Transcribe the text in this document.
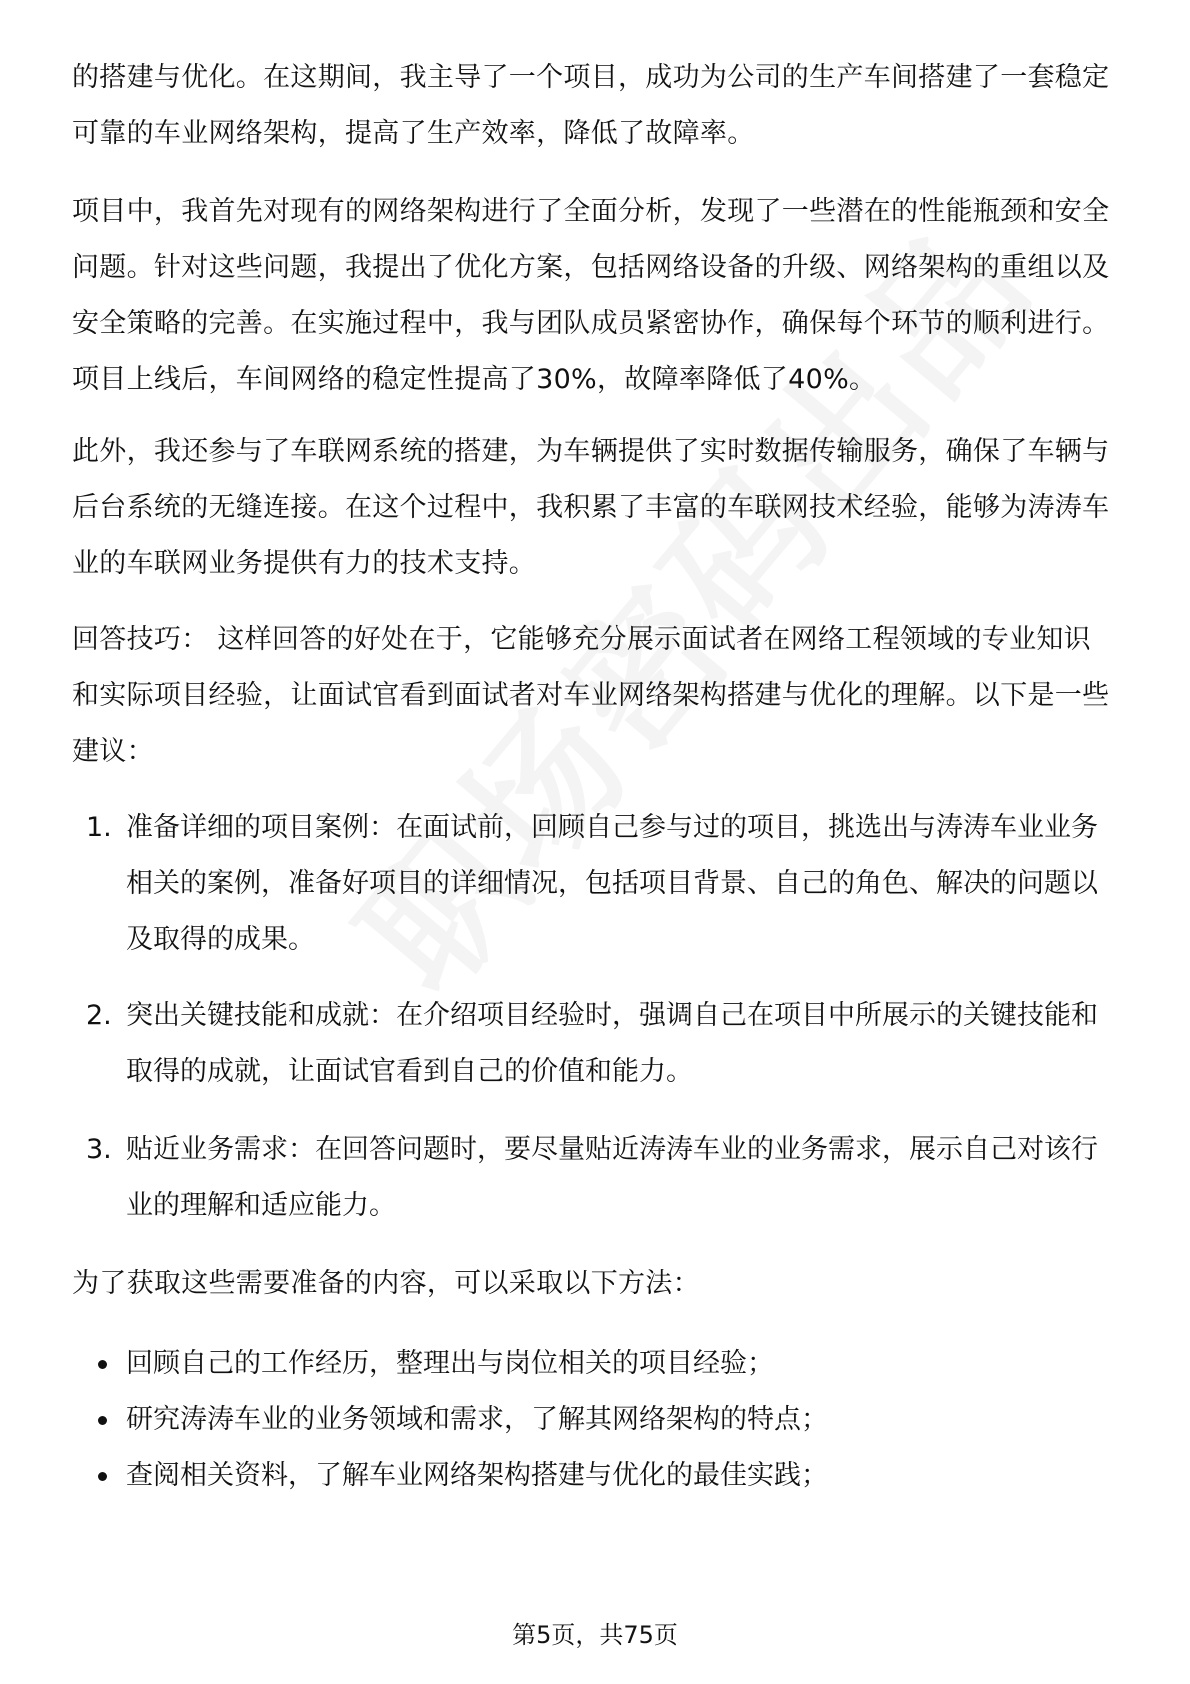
的搭建与优化。在这期间，我主导了一个项目，成功为公司的生产车间搭建了一套稳定可靠的车业网络架构，提高了生产效率，降低了故障率。

项目中，我首先对现有的网络架构进行了全面分析，发现了一些潜在的性能瓶颈和安全问题。针对这些问题，我提出了优化方案，包括网络设备的升级、网络架构的重组以及安全策略的完善。在实施过程中，我与团队成员紧密协作，确保每个环节的顺利进行。项目上线后，车间网络的稳定性提高了30%，故障率降低了40%。

此外，我还参与了车联网系统的搭建，为车辆提供了实时数据传输服务，确保了车辆与后台系统的无缝连接。在这个过程中，我积累了丰富的车联网技术经验，能够为涛涛车业的车联网业务提供有力的技术支持。

回答技巧： 这样回答的好处在于，它能够充分展示面试者在网络工程领域的专业知识和实际项目经验，让面试官看到面试者对车业网络架构搭建与优化的理解。以下是一些建议：

1. 准备详细的项目案例：在面试前，回顾自己参与过的项目，挑选出与涛涛车业业务相关的案例，准备好项目的详细情况，包括项目背景、自己的角色、解决的问题以及取得的成果。
2. 突出关键技能和成就：在介绍项目经验时，强调自己在项目中所展示的关键技能和取得的成就，让面试官看到自己的价值和能力。
3. 贴近业务需求：在回答问题时，要尽量贴近涛涛车业的业务需求，展示自己对该行业的理解和适应能力。

为了获取这些需要准备的内容，可以采取以下方法：

回顾自己的工作经历，整理出与岗位相关的项目经验；
研究涛涛车业的业务领域和需求，了解其网络架构的特点；
查阅相关资料，了解车业网络架构搭建与优化的最佳实践；
第5页，共75页
